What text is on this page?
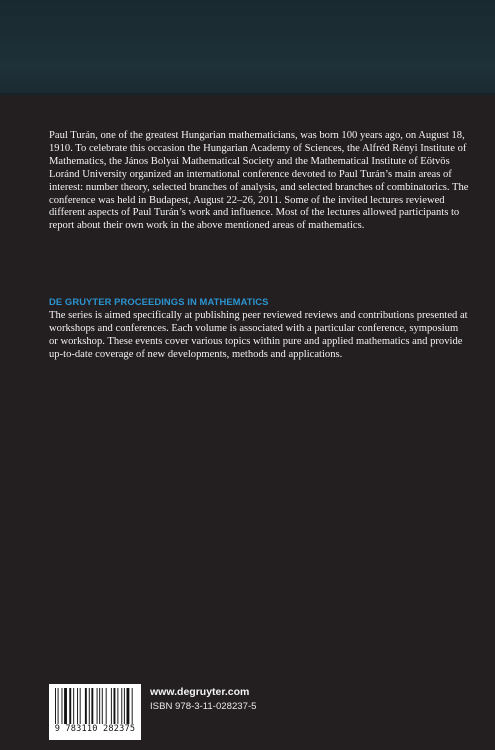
Paul Turán, one of the greatest Hungarian mathematicians, was born 100 years ago, on August 18, 1910. To celebrate this occasion the Hungarian Academy of Sciences, the Alfréd Rényi Institute of Mathematics, the János Bolyai Mathematical Society and the Mathematical Institute of Eötvös Loránd University organized an international conference devoted to Paul Turán’s main areas of interest: number theory, selected branches of analysis, and selected branches of combinatorics. The conference was held in Budapest, August 22–26, 2011. Some of the invited lectures reviewed different aspects of Paul Turán’s work and influence. Most of the lectures allowed participants to report about their own work in the above mentioned areas of mathematics.

DE GRUYTER PROCEEDINGS IN MATHEMATICS

The series is aimed specifically at publishing peer reviewed reviews and contributions presented at workshops and conferences. Each volume is associated with a particular conference, symposium or workshop. These events cover various topics within pure and applied mathematics and provide up-to-date coverage of new developments, methods and applications.

9 783110 282375
www.degruyter.com
ISBN 978-3-11-028237-5
